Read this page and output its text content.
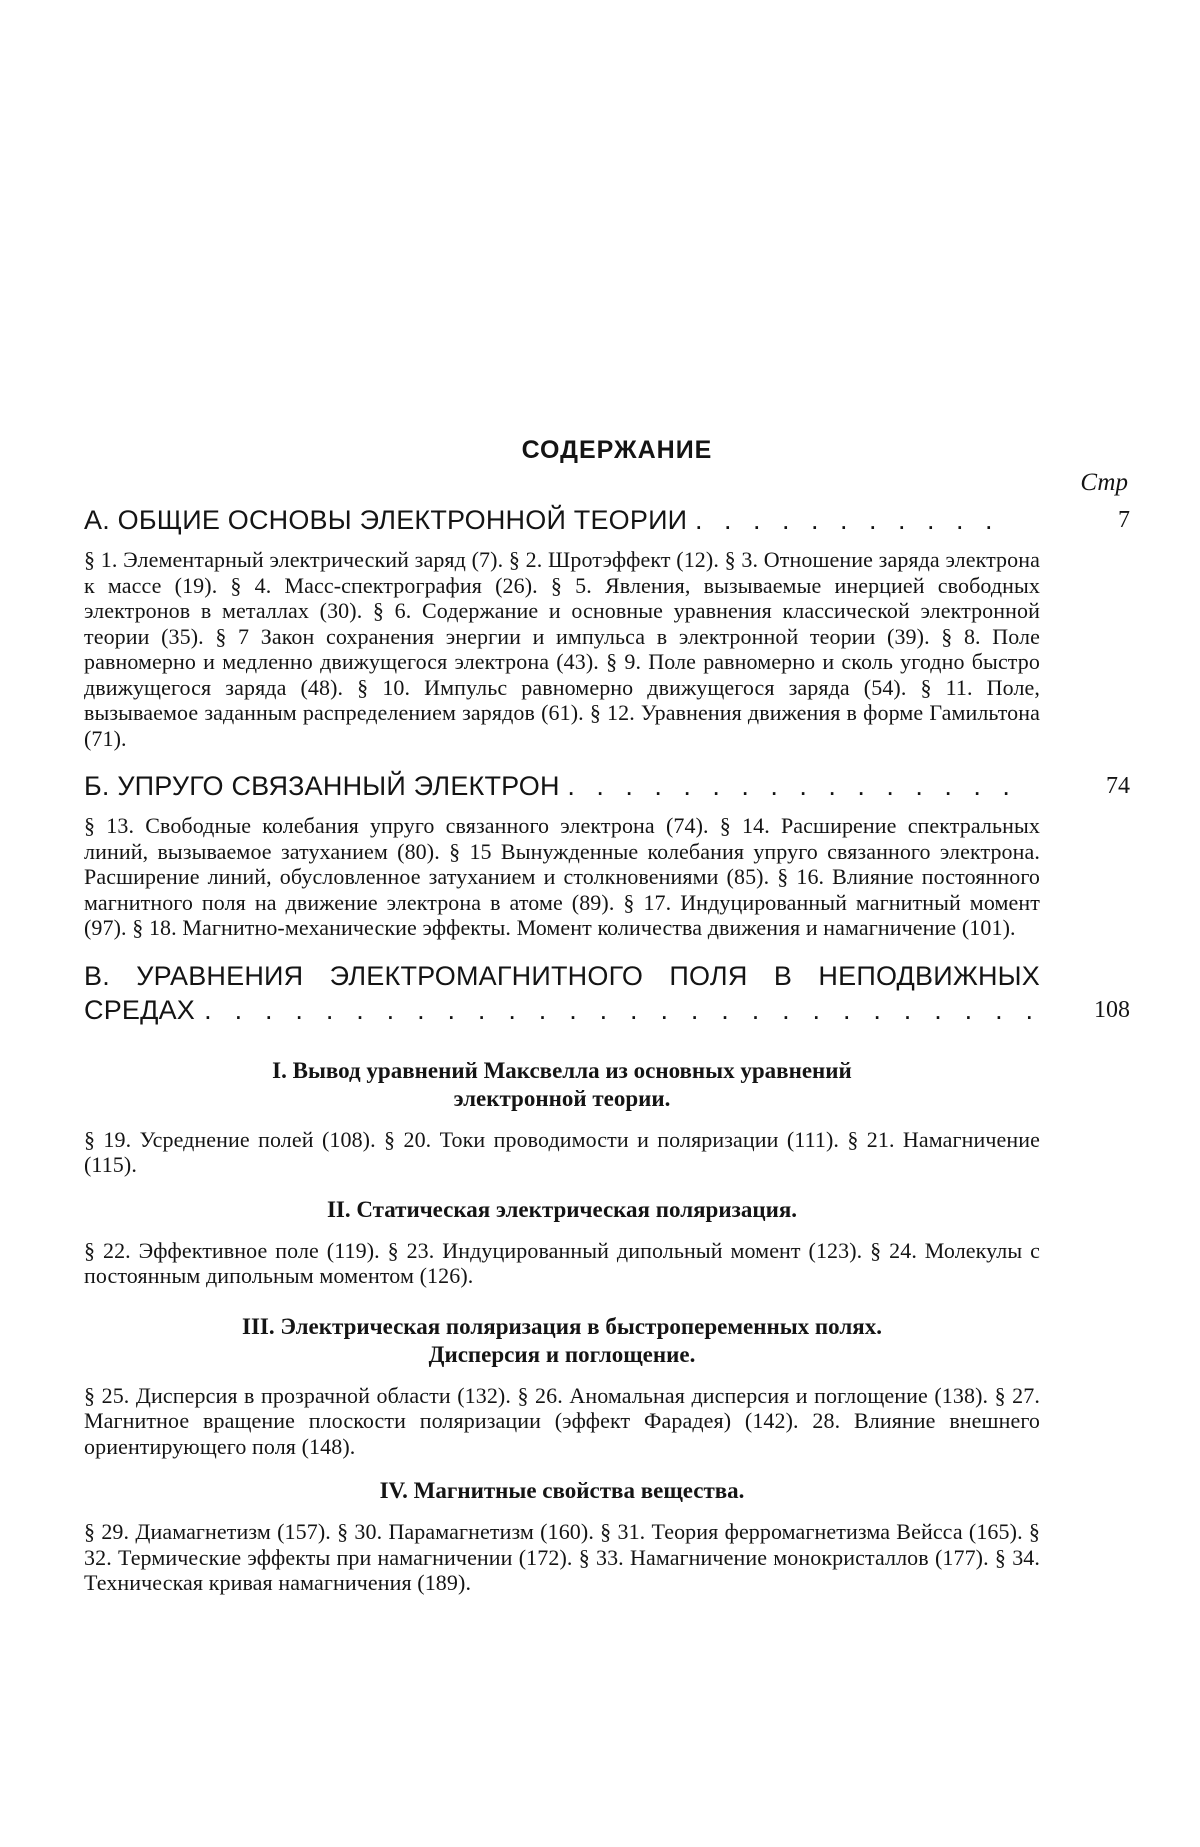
СОДЕРЖАНИЕ
Стр
А. ОБЩИЕ ОСНОВЫ ЭЛЕКТРОННОЙ ТЕОРИИ . . . . . . . . . . .	7

§ 1. Элементарный электрический заряд (7). § 2. Шротэффект (12). § 3. Отношение заряда электрона к массе (19). § 4. Масс-спектрография (26). § 5. Явления, вызываемые инерцией свободных электронов в металлах (30). § 6. Содержание и основные уравнения классической электронной теории (35). § 7 Закон сохранения энергии и импульса в электронной теории (39). § 8. Поле равномерно и медленно движущегося электрона (43). § 9. Поле равномерно и сколь угодно быстро движущегося заряда (48). § 10. Импульс равномерно движущегося заряда (54). § 11. Поле, вызываемое заданным распределением зарядов (61). § 12. Уравнения движения в форме Гамильтона (71).

Б. УПРУГО СВЯЗАННЫЙ ЭЛЕКТРОН . . . . . . . . . . . . . . . .	74

§ 13. Свободные колебания упруго связанного электрона (74). § 14. Расширение спектральных линий, вызываемое затуханием (80). § 15 Вынужденные колебания упруго связанного электрона. Расширение линий, обусловленное затуханием и столкновениями (85). § 16. Влияние постоянного магнитного поля на движение электрона в атоме (89). § 17. Индуцированный магнитный момент (97). § 18. Магнитно-механические эффекты. Момент количества движения и намагничение (101).

В. УРАВНЕНИЯ ЭЛЕКТРОМАГНИТНОГО ПОЛЯ В НЕПОДВИЖНЫХ
СРЕДАХ . . . . . . . . . . . . . . . . . . . . . . . . . . . .	108
I. Вывод уравнений Максвелла из основных уравнений
электронной теории.

§ 19. Усреднение полей (108). § 20. Токи проводимости и поляризации (111). § 21. Намагничение (115).

II. Статическая электрическая поляризация.

§ 22. Эффективное поле (119). § 23. Индуцированный дипольный момент (123). § 24. Молекулы с постоянным дипольным моментом (126).

III. Электрическая поляризация в быстропеременных полях.
Дисперсия и поглощение.

§ 25. Дисперсия в прозрачной области (132). § 26. Аномальная дисперсия и поглощение (138). § 27. Магнитное вращение плоскости поляризации (эффект Фарадея) (142). 28. Влияние внешнего ориентирующего поля (148).

IV. Магнитные свойства вещества.

§ 29. Диамагнетизм (157). § 30. Парамагнетизм (160). § 31. Теория ферромагнетизма Вейсса (165). § 32. Термические эффекты при намагничении (172). § 33. Намагничение монокристаллов (177). § 34. Техническая кривая намагничения (189).
